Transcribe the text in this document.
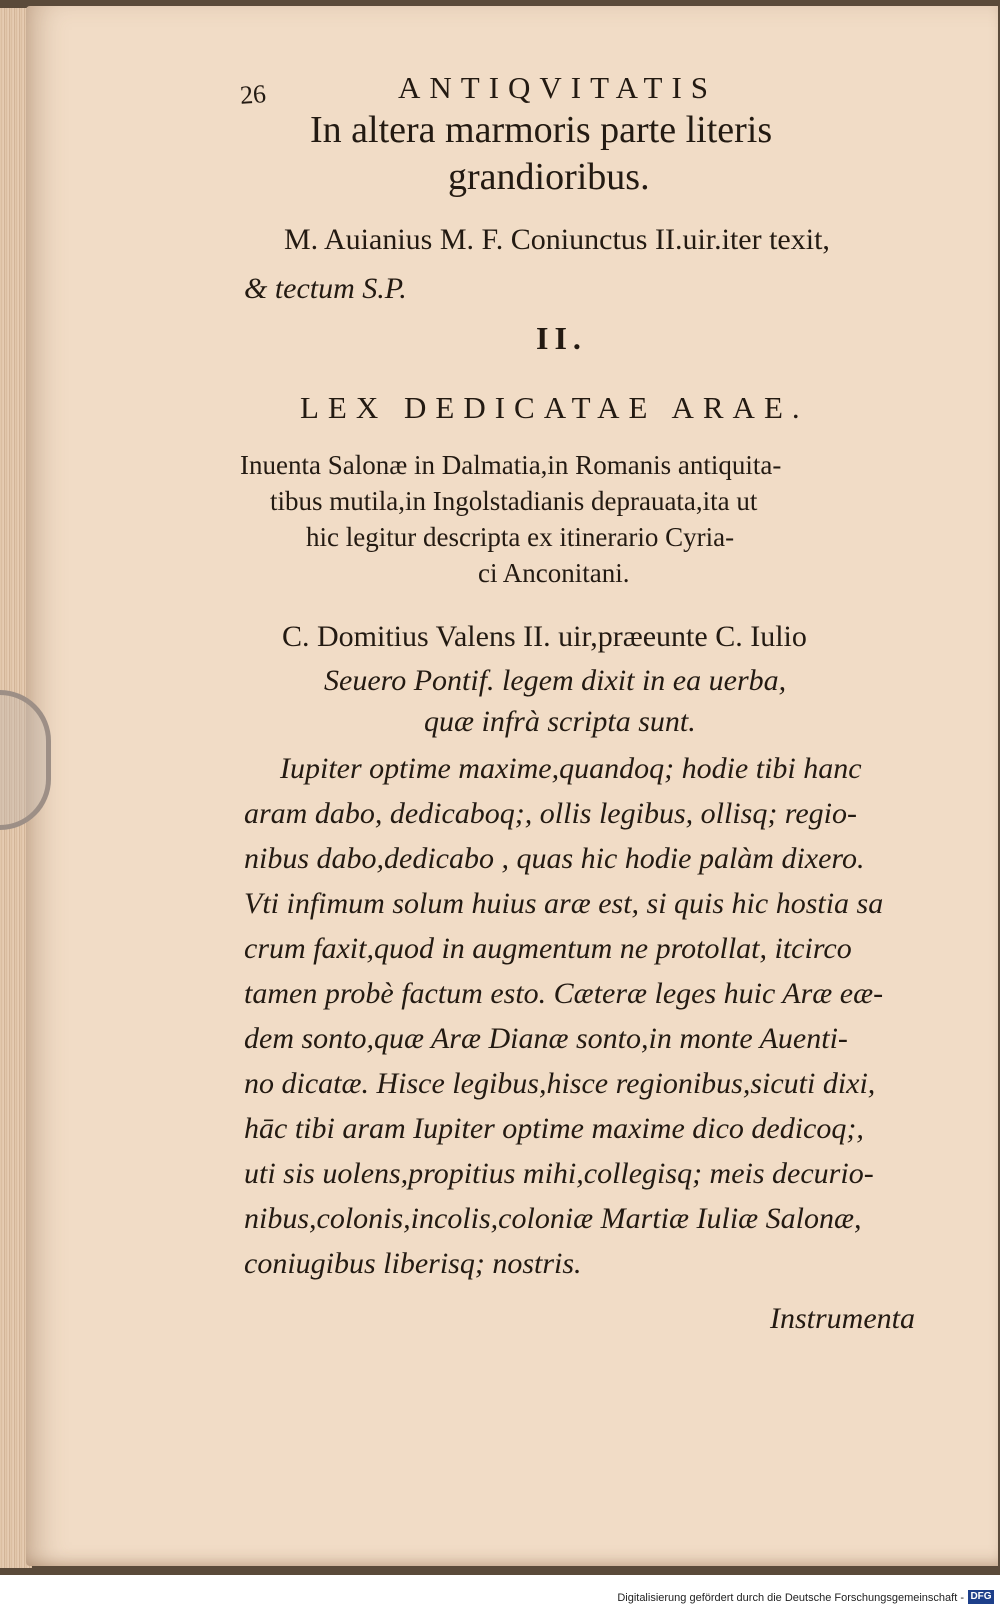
26	ANTIQVITATIS
In altera marmoris parte literis
grandioribus.
M. Auianius M. F. Coniunctus II.uir.iter texit,
& tectum S.P.
II.
LEX DEDICATAE ARAE.
Inuenta Salonæ in Dalmatia,in Romanis antiquita-
tibus mutila,in Ingolstadianis deprauata,ita ut
hic legitur descripta ex itinerario Cyria-
ci Anconitani.
C. Domitius Valens II. uir,præeunte C. Iulio
Seuero Pontif. legem dixit in ea uerba,
quæ infrà scripta sunt.
Iupiter optime maxime,quandoq; hodie tibi hanc
aram dabo, dedicaboq;, ollis legibus, ollisq; regio-
nibus dabo,dedicabo , quas hic hodie palàm dixero.
Vti infimum solum huius aræ est, si quis hic hostia sa
crum faxit,quod in augmentum ne protollat, itcirco
tamen probè factum esto. Cæteræ leges huic Aræ eæ-
dem sonto,quæ Aræ Dianæ sonto,in monte Auenti-
no dicatæ. Hisce legibus,hisce regionibus,sicuti dixi,
hāc tibi aram Iupiter optime maxime dico dedicoq;,
uti sis uolens,propitius mihi,collegisq; meis decurio-
nibus,colonis,incolis,coloniæ Martiæ Iuliæ Salonæ,
coniugibus liberisq; nostris.
Instrumenta
Digitalisierung gefördert durch die Deutsche Forschungsgemeinschaft - DFG
